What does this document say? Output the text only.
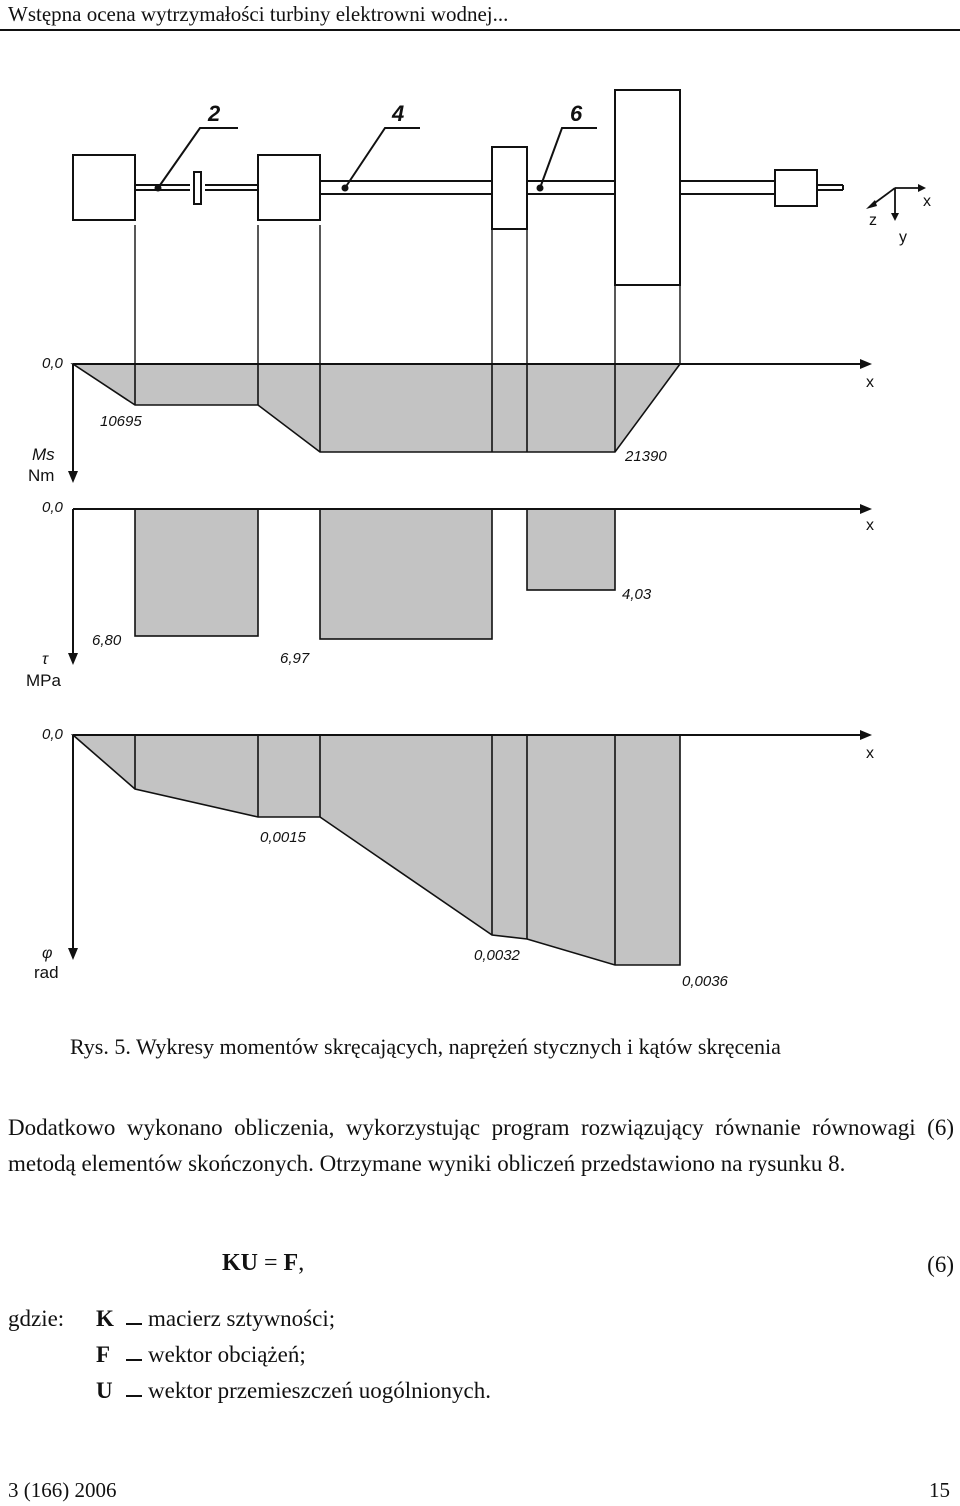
Wstępna ocena wytrzymałości turbiny elektrowni wodnej...
2	4	6
x
z
y
0,0
x
10695
21390
Ms
Nm
0,0
x
6,80
6,97
4,03
τ
MPa
0,0
x
0,0015
0,0032
0,0036
φ
rad
Rys. 5. Wykresy momentów skręcających, naprężeń stycznych i kątów skręcenia

Dodatkowo wykonano obliczenia, wykorzystując program rozwiązujący równanie równowagi (6) metodą elementów skończonych. Otrzymane wyniki obliczeń przedstawiono na rysunku 8.

KU = F,	(6)
gdzie:	K macierz sztywności;
F	wektor obciążeń;
U	wektor przemieszczeń uogólnionych.
3 (166) 2006	15
